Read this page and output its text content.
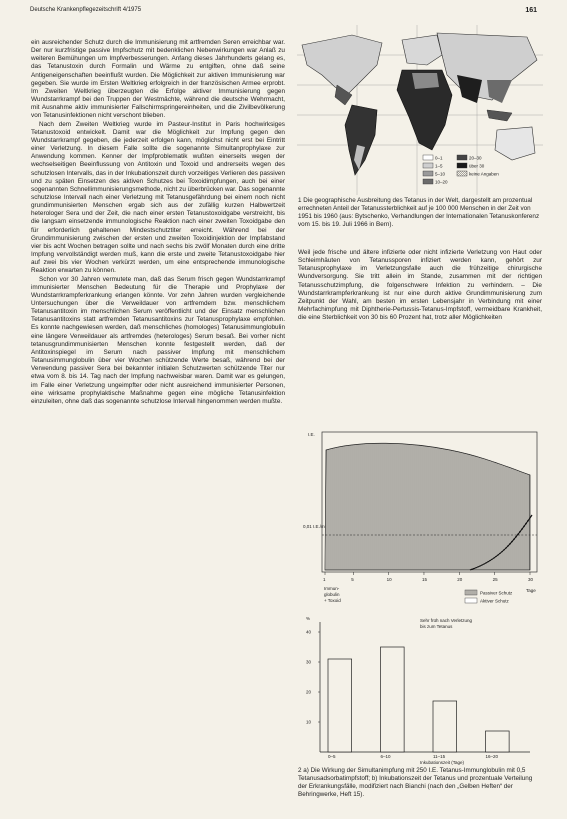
Deutsche Krankenpflegezeitschrift 4/1975	161

ein ausreichender Schutz durch die Immunisierung mit artfremden Seren erreichbar war. Der nur kurzfristige passive Impfschutz mit bedenklichen Nebenwirkungen war Anlaß zu weiteren Bemühungen um Impfverbesserungen. Anfang dieses Jahrhunderts gelang es, das Tetanustoxin durch Formalin und Wärme zu entgiften, ohne daß seine Antigeneigenschaften beeinflußt wurden. Die Möglichkeit zur aktiven Immunisierung war gegeben. Sie wurde im Ersten Weltkrieg erfolgreich in der französischen Armee erprobt. Im Zweiten Weltkrieg überzeugten die Erfolge aktiver Immunisierung gegen Wundstarrkrampf bei den Truppen der Westmächte, während die deutsche Wehrmacht, mit Ausnahme aktiv immunisierter Fallschirmspringereinheiten, und die Zivilbevölkerung von Tetanusinfektionen nicht verschont blieben.

Nach dem Zweiten Weltkrieg wurde im Pasteur-Institut in Paris hochwirksiges Tetanustoxoid entwickelt. Damit war die Möglichkeit zur Impfung gegen den Wundstarrkrampf gegeben, die jederzeit erfolgen kann, möglichst nicht erst bei Eintritt einer Verletzung. In diesem Falle sollte die sogenannte Simultanprophylaxe zur Anwendung kommen. Kenner der Impfproblematik wußten einerseits wegen der wechselseitigen Beeinflussung von Antitoxin und Toxoid und andrerseits wegen des schutzlosen Intervalls, das in der Inkubationszeit durch vorzeitiges Verlieren des passiven und zu späten Einsetzen des aktiven Schutzes bei Toxoidimpfungen, auch bei einer sogenannten Schnellimmunisierungsmethode, nicht zu überbrücken war. Das sogenannte schutzlose Intervall nach einer Verletzung mit Tetanusgefährdung bei einem noch nicht grundimmunisierten Menschen ergab sich aus der zufällig kurzen Halbwertzeit heterologer Sera und der Zeit, die nach einer ersten Tetanustoxoidgabe verstreicht, bis die langsam einsetzende immunologische Reaktion nach einer zweiten Toxoidgabe den für erforderlich gehaltenen Mindestschutztiter erreicht. Während bei der Grundimmunisierung zwischen der ersten und zweiten Toxoidinjektion der Impfabstand vier bis acht Wochen betragen sollte und nach sechs bis zwölf Monaten durch eine dritte Impfung vervollständigt werden muß, kann die erste und zweite Tetanustoxoidgabe hier auf zwei bis vier Wochen verkürzt werden, um eine entsprechende immunologische Reaktion erwarten zu können.

Schon vor 30 Jahren vermutete man, daß das Serum frisch gegen Wundstarrkrampf immunisierter Menschen Bedeutung für die Therapie und Prophylaxe der Wundstarrkrampferkrankung erlangen könnte. Vor zehn Jahren wurden vergleichende Untersuchungen über die Verweildauer von artfremdem bzw. menschlichem Tetanusantitoxin im menschlichen Serum veröffentlicht und der Einsatz menschlichen Tetanusantitoxins statt artfremden Tetanusantitoxins zur Tetanusprophylaxe empfohlen. Es konnte nachgewiesen werden, daß menschliches (homologes) Tetanusimmunglobulin eine längere Verweildauer als artfremdes (heterologes) Serum besaß. Bei vorher nicht tetanusgrundimmunisierten Menschen konnte festgestellt werden, daß der Antitoxinspiegel im Serum nach passiver Impfung mit menschlichem Tetanusimmunglobulin über vier Wochen schützende Werte besaß, während bei der Verwendung passiver Sera bei bekannter initialen Schutzwerten schützende Titer nur etwa vom 8. bis 14. Tag nach der Impfung nachweisbar waren. Damit war es gelungen, im Falle einer Verletzung ungeimpfter oder nicht ausreichend immunisierter Personen, eine wirksame prophylaktische Maßnahme gegen eine mögliche Tetanusinfektion einzuleiten, ohne daß das sogenannte schutzlose Intervall hingenommen werden mußte.

0–1
1–5
5–10
10–20
20–30
über 30
keine Angaben
1 Die geographische Ausbreitung des Tetanus in der Welt, dargestellt am prozentual errechneten Anteil der Tetanussterblichkeit auf je 100 000 Menschen in der Zeit von 1951 bis 1960 (aus: Bytschenko, Verhandlungen der Internationalen Tetanuskonferenz vom 15. bis 19. Juli 1966 in Bern).

Weil jede frische und ältere infizierte oder nicht infizierte Verletzung von Haut oder Schleimhäuten von Tetanussporen infiziert werden kann, gehört zur Tetanusprophylaxe im Verletzungsfalle auch die frühzeitige chirurgische Wundversorgung. Sie tritt allein im Stande, zusammen mit der richtigen Tetanusschutzimpfung, die folgenschwere Infektion zu verhindern. – Die Wundstarrkrampferkrankung ist nur eine durch aktive Grundimmunisierung zum Zeitpunkt der Wahl, am besten im ersten Lebensjahr in Verbindung mit einer Mehrfachimpfung mit Diphtherie-Pertussis-Tetanus-Impfstoff, vermeidbare Krankheit, die eine Sterblichkeit von 30 bis 60 Prozent hat, trotz aller Möglichkeiten

I.E.
0,01 I.E./ml
1	5	10	15	20	25	30
Tage
Immun-
globulin
+ Toxoid
Passiver Schutz
Aktiver Schutz
%
10
20
30
40
0–5	6–10	11–15	16–20
Inkubationszeit (Tage)
Sehr früh nach Verletzung
bis zum Tetanus
2 a) Die Wirkung der Simultanimpfung mit 250 I.E. Tetanus-Immunglobulin mit 0,5 Tetanusadsorbatimpfstoff; b) Inkubationszeit der Tetanus und prozentuale Verteilung der Erkrankungsfälle, modifiziert nach Bianchi (nach den „Gelben Heften“ der Behringwerke, Heft 15).
